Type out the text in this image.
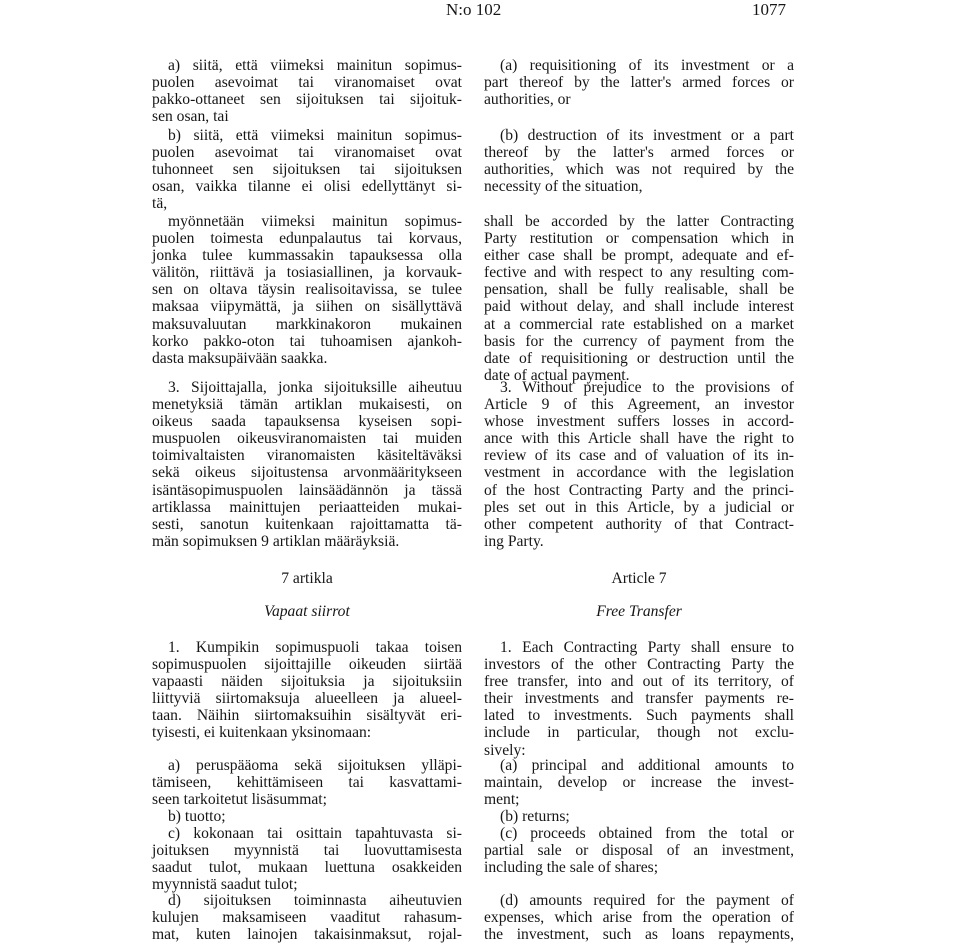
N:o 102	1077
a) siitä, että viimeksi mainitun sopimus-
puolen asevoimat tai viranomaiset ovat
pakko-ottaneet sen sijoituksen tai sijoituk-
sen osan, tai
b) siitä, että viimeksi mainitun sopimus-
puolen asevoimat tai viranomaiset ovat
tuhonneet sen sijoituksen tai sijoituksen
osan, vaikka tilanne ei olisi edellyttänyt si-
tä,
myönnetään viimeksi mainitun sopimus-
puolen toimesta edunpalautus tai korvaus,
jonka tulee kummassakin tapauksessa olla
välitön, riittävä ja tosiasiallinen, ja korvauk-
sen on oltava täysin realisoitavissa, se tulee
maksaa viipymättä, ja siihen on sisällyttävä
maksuvaluutan markkinakoron mukainen
korko pakko-oton tai tuhoamisen ajankoh-
dasta maksupäivään saakka.
3. Sijoittajalla, jonka sijoituksille aiheutuu
menetyksiä tämän artiklan mukaisesti, on
oikeus saada tapauksensa kyseisen sopi-
muspuolen oikeusviranomaisten tai muiden
toimivaltaisten viranomaisten käsiteltäväksi
sekä oikeus sijoitustensa arvonmääritykseen
isäntäsopimuspuolen lainsäädännön ja tässä
artiklassa mainittujen periaatteiden mukai-
sesti, sanotun kuitenkaan rajoittamatta tä-
män sopimuksen 9 artiklan määräyksiä.
7 artikla
Vapaat siirrot
1. Kumpikin sopimuspuoli takaa toisen
sopimuspuolen sijoittajille oikeuden siirtää
vapaasti näiden sijoituksia ja sijoituksiin
liittyviä siirtomaksuja alueelleen ja alueel-
taan. Näihin siirtomaksuihin sisältyvät eri-
tyisesti, ei kuitenkaan yksinomaan:
a) peruspääoma sekä sijoituksen ylläpi-
tämiseen, kehittämiseen tai kasvattami-
seen tarkoitetut lisäsummat;
b) tuotto;
c) kokonaan tai osittain tapahtuvasta si-
joituksen myynnistä tai luovuttamisesta
saadut tulot, mukaan luettuna osakkeiden
myynnistä saadut tulot;
d) sijoituksen toiminnasta aiheutuvien
kulujen maksamiseen vaaditut rahasum-
mat, kuten lainojen takaisinmaksut, rojal-
(a) requisitioning of its investment or a
part thereof by the latter's armed forces or
authorities, or
(b) destruction of its investment or a part
thereof by the latter's armed forces or
authorities, which was not required by the
necessity of the situation,
shall be accorded by the latter Contracting
Party restitution or compensation which in
either case shall be prompt, adequate and ef-
fective and with respect to any resulting com-
pensation, shall be fully realisable, shall be
paid without delay, and shall include interest
at a commercial rate established on a market
basis for the currency of payment from the
date of requisitioning or destruction until the
date of actual payment.
3. Without prejudice to the provisions of
Article 9 of this Agreement, an investor
whose investment suffers losses in accord-
ance with this Article shall have the right to
review of its case and of valuation of its in-
vestment in accordance with the legislation
of the host Contracting Party and the princi-
ples set out in this Article, by a judicial or
other competent authority of that Contract-
ing Party.
Article 7
Free Transfer
1. Each Contracting Party shall ensure to
investors of the other Contracting Party the
free transfer, into and out of its territory, of
their investments and transfer payments re-
lated to investments. Such payments shall
include in particular, though not exclu-
sively:
(a) principal and additional amounts to
maintain, develop or increase the invest-
ment;
(b) returns;
(c) proceeds obtained from the total or
partial sale or disposal of an investment,
including the sale of shares;
(d) amounts required for the payment of
expenses, which arise from the operation of
the investment, such as loans repayments,
